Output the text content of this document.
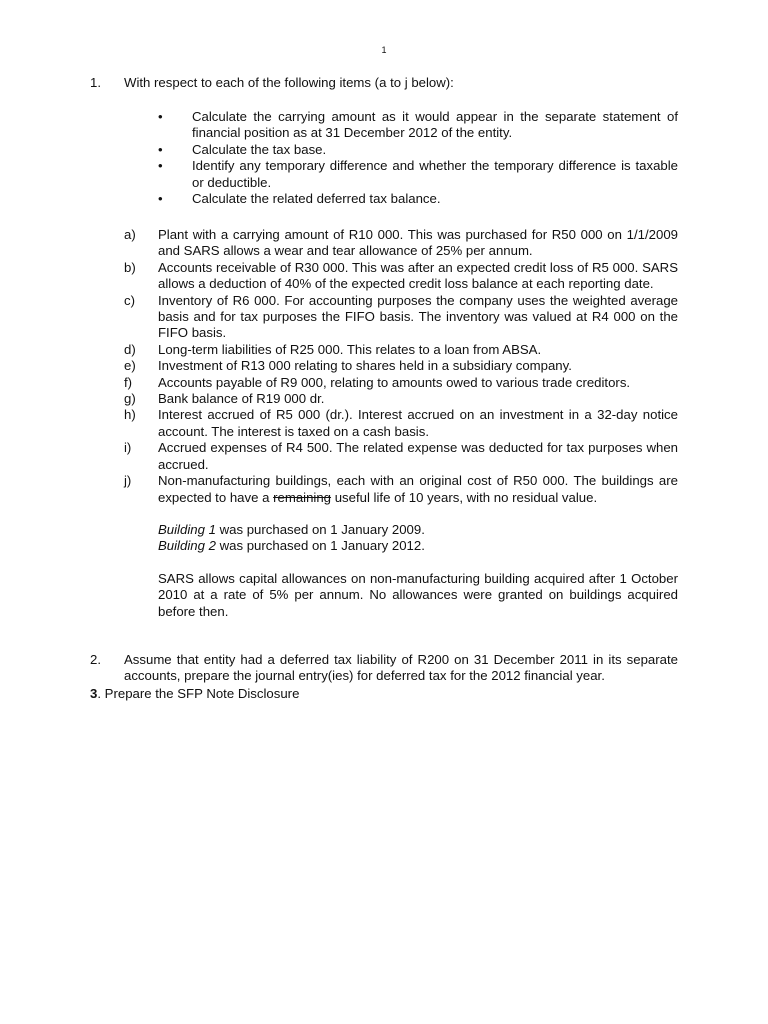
1
1. With respect to each of the following items (a to j below):
• Calculate the carrying amount as it would appear in the separate statement of financial position as at 31 December 2012 of the entity.
• Calculate the tax base.
• Identify any temporary difference and whether the temporary difference is taxable or deductible.
• Calculate the related deferred tax balance.
a) Plant with a carrying amount of R10 000. This was purchased for R50 000 on 1/1/2009 and SARS allows a wear and tear allowance of 25% per annum.
b) Accounts receivable of R30 000. This was after an expected credit loss of R5 000. SARS allows a deduction of 40% of the expected credit loss balance at each reporting date.
c) Inventory of R6 000. For accounting purposes the company uses the weighted average basis and for tax purposes the FIFO basis. The inventory was valued at R4 000 on the FIFO basis.
d) Long-term liabilities of R25 000. This relates to a loan from ABSA.
e) Investment of R13 000 relating to shares held in a subsidiary company.
f) Accounts payable of R9 000, relating to amounts owed to various trade creditors.
g) Bank balance of R19 000 dr.
h) Interest accrued of R5 000 (dr.). Interest accrued on an investment in a 32-day notice account. The interest is taxed on a cash basis.
i) Accrued expenses of R4 500. The related expense was deducted for tax purposes when accrued.
j) Non-manufacturing buildings, each with an original cost of R50 000. The buildings are expected to have a remaining useful life of 10 years, with no residual value.

Building 1 was purchased on 1 January 2009.

Building 2 was purchased on 1 January 2012.

SARS allows capital allowances on non-manufacturing building acquired after 1 October 2010 at a rate of 5% per annum. No allowances were granted on buildings acquired before then.

2. Assume that entity had a deferred tax liability of R200 on 31 December 2011 in its separate accounts, prepare the journal entry(ies) for deferred tax for the 2012 financial year.
3. Prepare the SFP Note Disclosure
